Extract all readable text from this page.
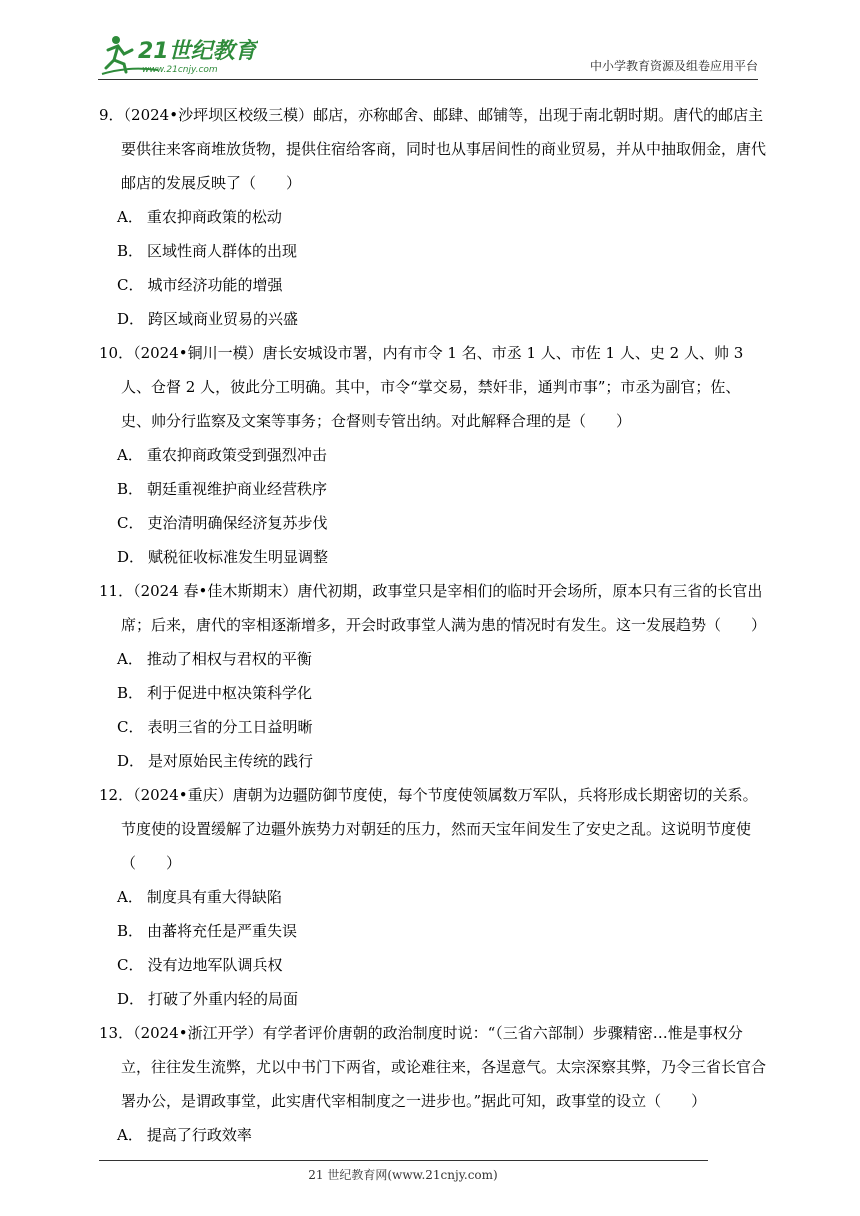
21世纪教育
www.21cnjy.com	中小学教育资源及组卷应用平台

9．（2024•沙坪坝区校级三模）邮店，亦称邮舍、邮肆、邮铺等，出现于南北朝时期。唐代的邮店主要供往来客商堆放货物，提供住宿给客商，同时也从事居间性的商业贸易，并从中抽取佣金，唐代邮店的发展反映了（　　）

A． 重农抑商政策的松动

B． 区域性商人群体的出现

C． 城市经济功能的增强

D． 跨区域商业贸易的兴盛

10．（2024•铜川一模）唐长安城设市署，内有市令 1 名、市丞 1 人、市佐 1 人、史 2 人、帅 3 人、仓督 2 人，彼此分工明确。其中，市令“掌交易，禁奸非，通判市事”；市丞为副官；佐、史、帅分行监察及文案等事务；仓督则专管出纳。对此解释合理的是（　　）

A． 重农抑商政策受到强烈冲击

B． 朝廷重视维护商业经营秩序

C． 吏治清明确保经济复苏步伐

D． 赋税征收标准发生明显调整

11．（2024 春•佳木斯期末）唐代初期，政事堂只是宰相们的临时开会场所，原本只有三省的长官出席；后来，唐代的宰相逐渐增多，开会时政事堂人满为患的情况时有发生。这一发展趋势（　　）

A． 推动了相权与君权的平衡

B． 利于促进中枢决策科学化

C． 表明三省的分工日益明晰

D． 是对原始民主传统的践行

12．（2024•重庆）唐朝为边疆防御节度使，每个节度使领属数万军队，兵将形成长期密切的关系。节度使的设置缓解了边疆外族势力对朝廷的压力，然而天宝年间发生了安史之乱。这说明节度使（　　）

A． 制度具有重大得缺陷

B． 由蕃将充任是严重失误

C． 没有边地军队调兵权

D． 打破了外重内轻的局面

13．（2024•浙江开学）有学者评价唐朝的政治制度时说：“（三省六部制）步骤精密…惟是事权分立，往往发生流弊，尤以中书门下两省，或论难往来，各逞意气。太宗深察其弊，乃令三省长官合署办公，是谓政事堂，此实唐代宰相制度之一进步也。”据此可知，政事堂的设立（　　）

A． 提高了行政效率

21 世纪教育网(www.21cnjy.com)
